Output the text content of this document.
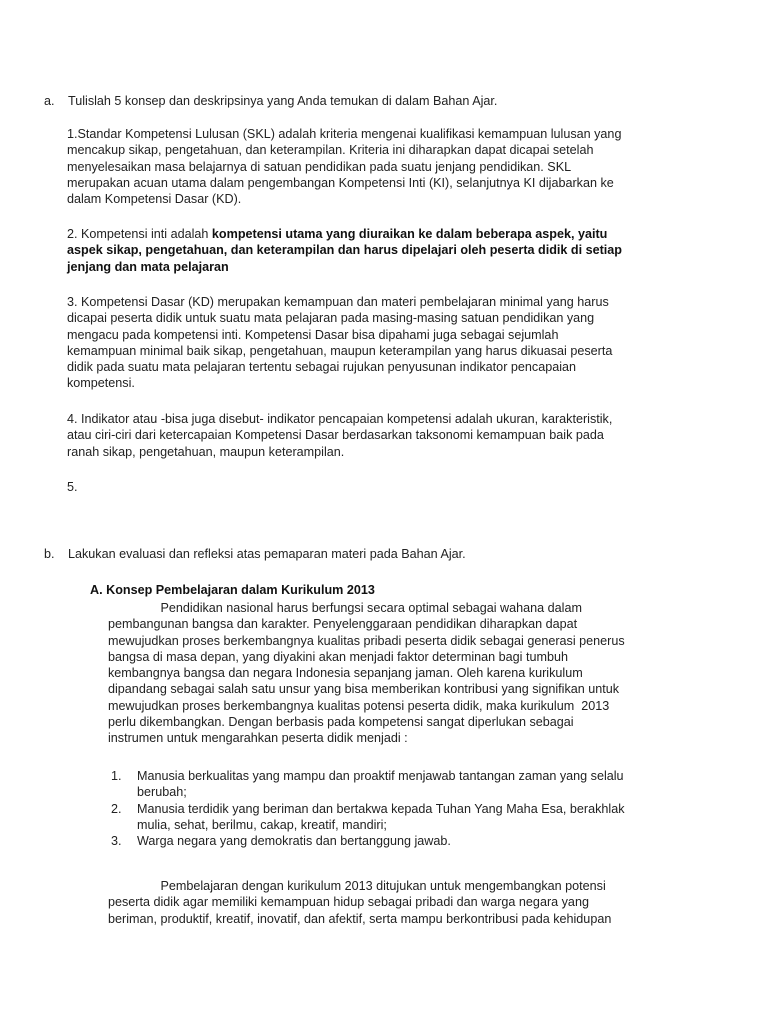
a. Tulislah 5 konsep dan deskripsinya yang Anda temukan di dalam Bahan Ajar.
1.Standar Kompetensi Lulusan (SKL) adalah kriteria mengenai kualifikasi kemampuan lulusan yang
mencakup sikap, pengetahuan, dan keterampilan. Kriteria ini diharapkan dapat dicapai setelah
menyelesaikan masa belajarnya di satuan pendidikan pada suatu jenjang pendidikan. SKL
merupakan acuan utama dalam pengembangan Kompetensi Inti (KI), selanjutnya KI dijabarkan ke
dalam Kompetensi Dasar (KD).
2. Kompetensi inti adalah kompetensi utama yang diuraikan ke dalam beberapa aspek, yaitu
aspek sikap, pengetahuan, dan keterampilan dan harus dipelajari oleh peserta didik di setiap
jenjang dan mata pelajaran
3. Kompetensi Dasar (KD) merupakan kemampuan dan materi pembelajaran minimal yang harus
dicapai peserta didik untuk suatu mata pelajaran pada masing-masing satuan pendidikan yang
mengacu pada kompetensi inti. Kompetensi Dasar bisa dipahami juga sebagai sejumlah
kemampuan minimal baik sikap, pengetahuan, maupun keterampilan yang harus dikuasai peserta
didik pada suatu mata pelajaran tertentu sebagai rujukan penyusunan indikator pencapaian
kompetensi.
4. Indikator atau -bisa juga disebut- indikator pencapaian kompetensi adalah ukuran, karakteristik,
atau ciri-ciri dari ketercapaian Kompetensi Dasar berdasarkan taksonomi kemampuan baik pada
ranah sikap, pengetahuan, maupun keterampilan.
5.
b. Lakukan evaluasi dan refleksi atas pemaparan materi pada Bahan Ajar.
A. Konsep Pembelajaran dalam Kurikulum 2013
Pendidikan nasional harus berfungsi secara optimal sebagai wahana dalam
pembangunan bangsa dan karakter. Penyelenggaraan pendidikan diharapkan dapat
mewujudkan proses berkembangnya kualitas pribadi peserta didik sebagai generasi penerus
bangsa di masa depan, yang diyakini akan menjadi faktor determinan bagi tumbuh
kembangnya bangsa dan negara Indonesia sepanjang jaman. Oleh karena kurikulum
dipandang sebagai salah satu unsur yang bisa memberikan kontribusi yang signifikan untuk
mewujudkan proses berkembangnya kualitas potensi peserta didik, maka kurikulum  2013
perlu dikembangkan. Dengan berbasis pada kompetensi sangat diperlukan sebagai
instrumen untuk mengarahkan peserta didik menjadi :
1. Manusia berkualitas yang mampu dan proaktif menjawab tantangan zaman yang selalu
berubah;
2. Manusia terdidik yang beriman dan bertakwa kepada Tuhan Yang Maha Esa, berakhlak
mulia, sehat, berilmu, cakap, kreatif, mandiri;
3. Warga negara yang demokratis dan bertanggung jawab.
Pembelajaran dengan kurikulum 2013 ditujukan untuk mengembangkan potensi
peserta didik agar memiliki kemampuan hidup sebagai pribadi dan warga negara yang
beriman, produktif, kreatif, inovatif, dan afektif, serta mampu berkontribusi pada kehidupan
